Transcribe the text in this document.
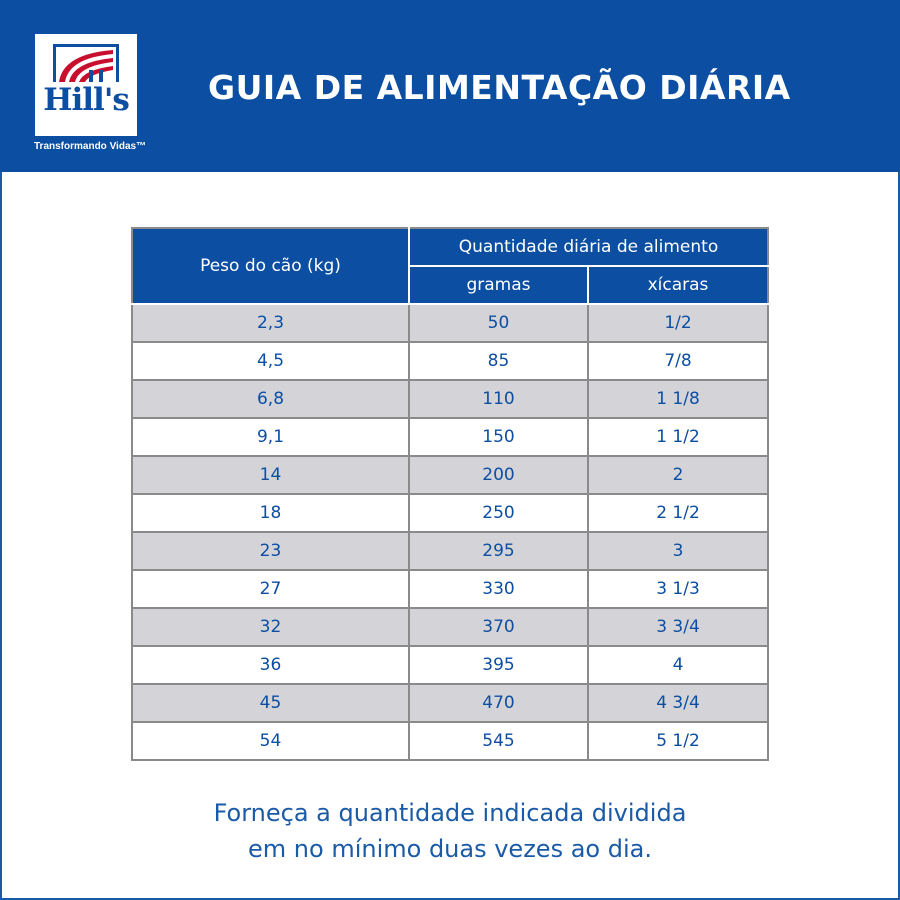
Hill's
Transformando Vidas™
GUIA DE ALIMENTAÇÃO DIÁRIA
Peso do cão (kg)	Quantidade diária de alimento	
	gramas	xícaras
2,3	50	1/2
4,5	85	7/8
6,8	110	1 1/8
9,1	150	1 1/2
14	200	2
18	250	2 1/2
23	295	3
27	330	3 1/3
32	370	3 3/4
36	395	4
45	470	4 3/4
54	545	5 1/2
Forneça a quantidade indicada dividida
em no mínimo duas vezes ao dia.
